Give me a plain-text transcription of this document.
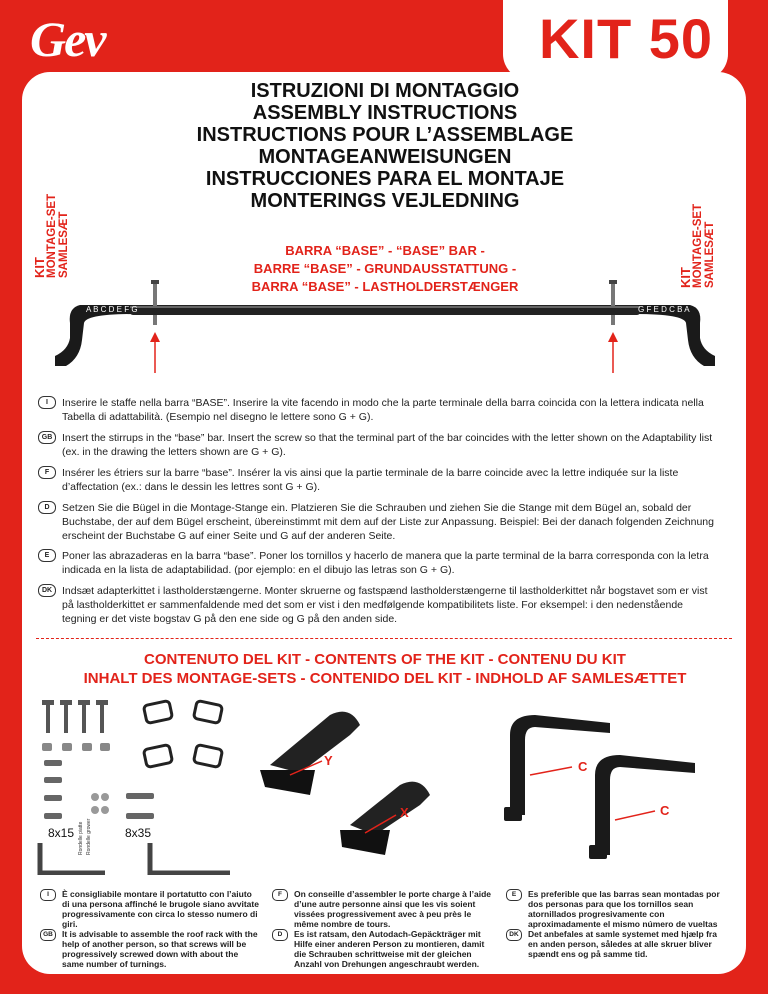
Gev	KIT 50
KIT MONTAGE-SET SAMLESÆT	KIT MONTAGE-SET SAMLESÆT
ISTRUZIONI DI MONTAGGIO
ASSEMBLY INSTRUCTIONS
INSTRUCTIONS POUR L’ASSEMBLAGE
MONTAGEANWEISUNGEN
INSTRUCCIONES PARA EL MONTAJE
MONTERINGS VEJLEDNING
BARRA “BASE” - “BASE” BAR -
BARRE “BASE” - GRUNDAUSSTATTUNG -
BARRA “BASE” - LASTHOLDERSTÆNGER
A B C D E F G	G F E D C B A
I	Inserire le staffe nella barra “BASE”. Inserire la vite facendo in modo che la parte terminale della barra coincida con la lettera indicata nella Tabella di adattabilità. (Esempio nel disegno le lettere sono G + G).
GB Insert the stirrups in the “base” bar. Insert the screw so that the terminal part of the bar coincides with the letter shown on the Adaptability list (ex. in the drawing the letters shown are G + G).
F	Insérer les étriers sur la barre “base”. Insérer la vis ainsi que la partie terminale de la barre coincide avec la lettre indiquée sur la liste d’affectation (ex.: dans le dessin les lettres sont G + G).
D	Setzen Sie die Bügel in die Montage-Stange ein. Platzieren Sie die Schrauben und ziehen Sie die Stange mit dem Bügel an, sobald der Buchstabe, der auf dem Bügel erscheint, übereinstimmt mit dem auf der Liste zur Anpassung. Beispiel: Bei der danach folgenden Zeichnung erscheint der Buchstabe G auf einer Seite und G auf der anderen Seite.
E	Poner las abrazaderas en la barra “base”. Poner los tornillos y hacerlo de manera que la parte terminal de la barra corresponda con la letra indicada en la lista de adaptabilidad. (por ejemplo: en el dibujo las letras son G + G).
DK Indsæt adapterkittet i lastholderstængerne. Monter skruerne og fastspænd lastholderstængerne til lastholderkittet når bogstavet som er vist på lastholderkittet er sammenfaldende med det som er vist i den medfølgende kompatibilitets liste. For eksempel: i den nedenstående tegning er det viste bogstav G på den ene side og G på den anden side.
CONTENUTO DEL KIT - CONTENTS OF THE KIT - CONTENU DU KIT
INHALT DES MONTAGE-SETS - CONTENIDO DEL KIT - INDHOLD AF SAMLESÆTTET
Rondelle piatte Rondelle grower
8x15	8x35
Y
X
C
C
I	È consigliabile montare il portatutto con l’aiuto di una persona affinché le brugole siano avvitate progressivamente con circa lo stesso numero di giri.
F	On conseille d’assembler le porte charge à l’aide d’une autre personne ainsi que les vis soient vissées progressivement avec à peu près le même nombre de tours.
E	Es preferible que las barras sean montadas por dos personas para que los tornillos sean atornillados progresivamente con aproximadamente el mismo número de vueltas
GB	It is advisable to assemble the roof rack with the help of another person, so that screws will be progressively screwed down with about the same number of turnings.
D	Es ist ratsam, den Autodach-Gepäckträger mit Hilfe einer anderen Person zu montieren, damit die Schrauben schrittweise mit der gleichen Anzahl von Drehungen angeschraubt werden.
DK	Det anbefales at samle systemet med hjælp fra en anden person, således at alle skruer bliver spændt ens og på samme tid.
